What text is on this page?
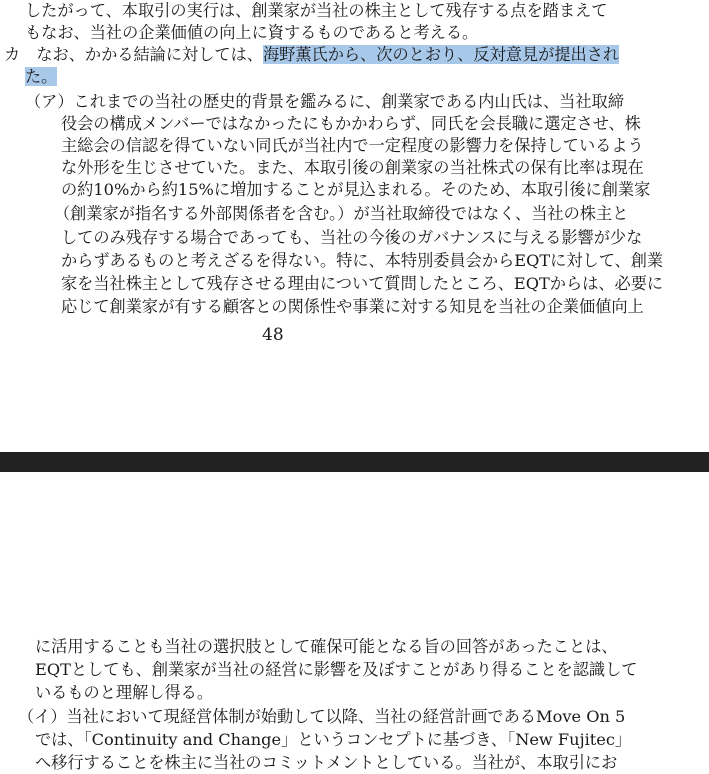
したがって、本取引の実行は、創業家が当社の株主として残存する点を踏まえて
もなお、当社の企業価値の向上に資するものであると考える。
カ　なお、かかる結論に対しては、海野薫氏から、次のとおり、反対意見が提出され
た。
（ア）これまでの当社の歴史的背景を鑑みるに、創業家である内山氏は、当社取締
役会の構成メンバーではなかったにもかかわらず、同氏を会長職に選定させ、株
主総会の信認を得ていない同氏が当社内で一定程度の影響力を保持しているよう
な外形を生じさせていた。また、本取引後の創業家の当社株式の保有比率は現在
の約10%から約15%に増加することが見込まれる。そのため、本取引後に創業家
（創業家が指名する外部関係者を含む。）が当社取締役ではなく、当社の株主と
してのみ残存する場合であっても、当社の今後のガバナンスに与える影響が少な
からずあるものと考えざるを得ない。特に、本特別委員会からEQTに対して、創業
家を当社株主として残存させる理由について質問したところ、EQTからは、必要に
応じて創業家が有する顧客との関係性や事業に対する知見を当社の企業価値向上
48
に活用することも当社の選択肢として確保可能となる旨の回答があったことは、
EQTとしても、創業家が当社の経営に影響を及ぼすことがあり得ることを認識して
いるものと理解し得る。
（イ）当社において現経営体制が始動して以降、当社の経営計画であるMove On 5
では、「Continuity and Change」というコンセプトに基づき、「New Fujitec」
へ移行することを株主に当社のコミットメントとしている。当社が、本取引にお
